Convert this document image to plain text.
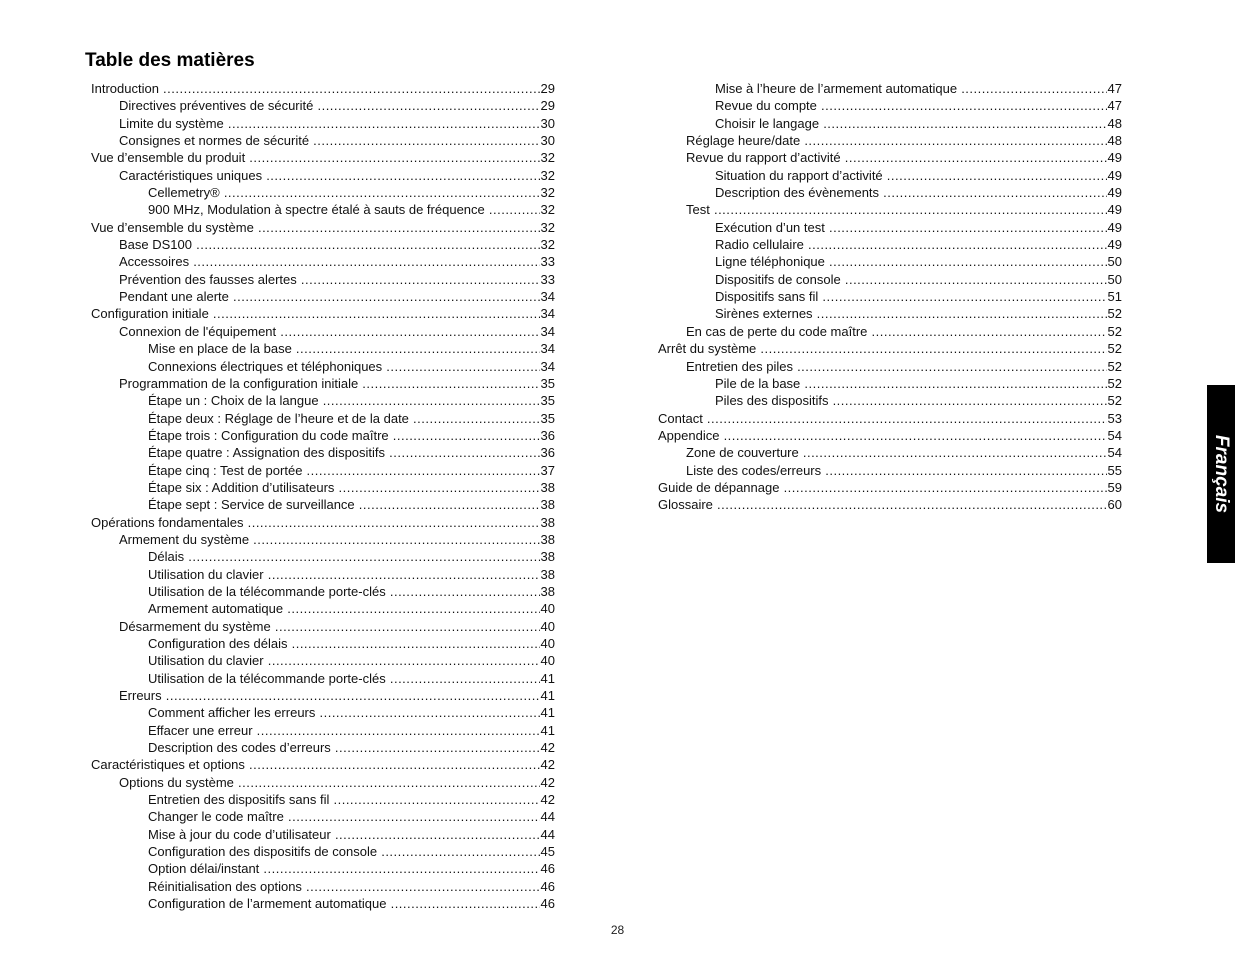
Table des matières
Introduction .....	29
Directives préventives de sécurité .....	29
Limite du système .....	30
Consignes et normes de sécurité .....	30
Vue d’ensemble du produit .....	32
Caractéristiques uniques .....	32
Cellemetry® .....	32
900 MHz, Modulation à spectre étalé à sauts de fréquence .....	32
Vue d’ensemble du système .....	32
Base DS100 .....	32
Accessoires .....	33
Prévention des fausses alertes .....	33
Pendant une alerte .....	34
Configuration initiale .....	34
Connexion de l'équipement .....	34
Mise en place de la base .....	34
Connexions électriques et téléphoniques .....	34
Programmation de la configuration initiale .....	35
Étape un : Choix de la langue .....	35
Étape deux : Réglage de l’heure et de la date .....	35
Étape trois : Configuration du code maître .....	36
Étape quatre : Assignation des dispositifs .....	36
Étape cinq : Test de portée .....	37
Étape six : Addition d’utilisateurs .....	38
Étape sept : Service de surveillance .....	38
Opérations fondamentales .....	38
Armement du système .....	38
Délais .....	38
Utilisation du clavier .....	38
Utilisation de la télécommande porte-clés .....	38
Armement automatique .....	40
Désarmement du système .....	40
Configuration des délais .....	40
Utilisation du clavier .....	40
Utilisation de la télécommande porte-clés .....	41
Erreurs .....	41
Comment afficher les erreurs .....	41
Effacer une erreur .....	41
Description des codes d’erreurs .....	42
Caractéristiques et options .....	42
Options du système .....	42
Entretien des dispositifs sans fil .....	42
Changer le code maître .....	44
Mise à jour du code d’utilisateur .....	44
Configuration des dispositifs de console .....	45
Option délai/instant .....	46
Réinitialisation des options .....	46
Configuration de l’armement automatique .....	46
Mise à l’heure de l’armement automatique .....	47
Revue du compte .....	47
Choisir le langage .....	48
Réglage heure/date .....	48
Revue du rapport d’activité .....	49
Situation du rapport d’activité .....	49
Description des évènements .....	49
Test .....	49
Exécution d’un test .....	49
Radio cellulaire .....	49
Ligne téléphonique .....	50
Dispositifs de console .....	50
Dispositifs sans fil .....	51
Sirènes externes .....	52
En cas de perte du code maître .....	52
Arrêt du système .....	52
Entretien des piles .....	52
Pile de la base .....	52
Piles des dispositifs .....	52
Contact .....	53
Appendice .....	54
Zone de couverture .....	54
Liste des codes/erreurs .....	55
Guide de dépannage .....	59
Glossaire .....	60	Français
28
